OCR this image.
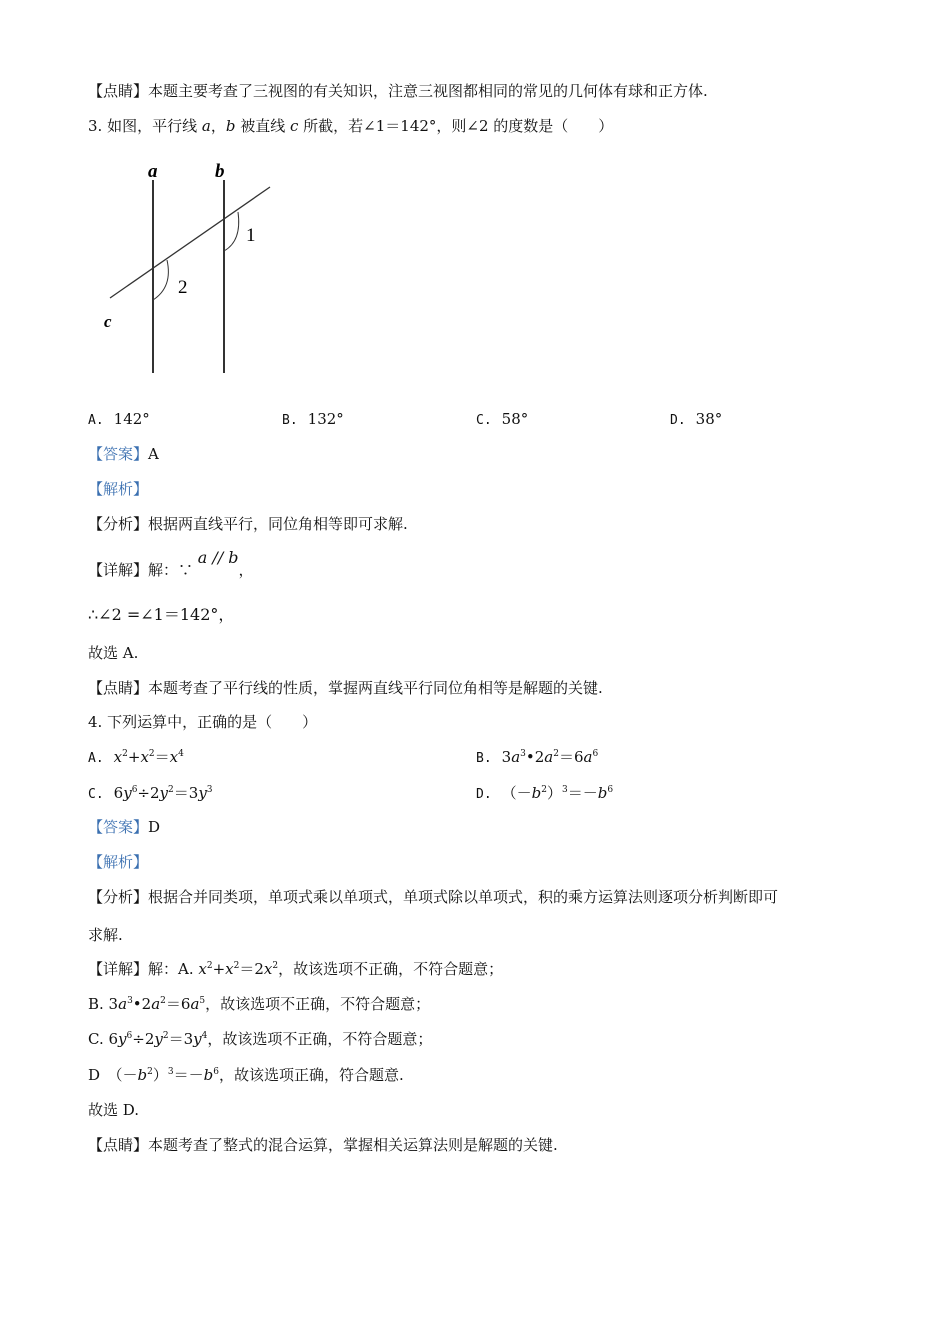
【点睛】本题主要考查了三视图的有关知识，注意三视图都相同的常见的几何体有球和正方体.
3. 如图，平行线 a，b 被直线 c 所截，若∠1＝142°，则∠2 的度数是（　　）
a	b
c
1
2
A. 142°	B. 132°	C. 58°	D. 38°
【答案】A
【解析】
【分析】根据两直线平行，同位角相等即可求解.
【详解】解：∵ a // b，
∴∠2 =∠1＝142°，
故选 A.
【点睛】本题考查了平行线的性质，掌握两直线平行同位角相等是解题的关键.
4. 下列运算中，正确的是（　　）
A. $x^2+x^2=x^4$	B. $3a^3•2a^2=6a^6$
C. $6y^6\div 2y^2=3y^3$	D. $(-b^2)^3=-b^6$
【答案】D
【解析】
【分析】根据合并同类项，单项式乘以单项式，单项式除以单项式，积的乘方运算法则逐项分析判断即可
求解.
【详解】解：A. $x^2+x^2=2x^2$，故该选项不正确，不符合题意；
B. $3a^3•2a^2=6a^5$，故该选项不正确，不符合题意；
C. $6y^6\div 2y^2=3y^4$，故该选项不正确，不符合题意；
D　$(-b^2)^3=-b^6$，故该选项正确，符合题意.
故选 D.
【点睛】本题考查了整式的混合运算，掌握相关运算法则是解题的关键.
